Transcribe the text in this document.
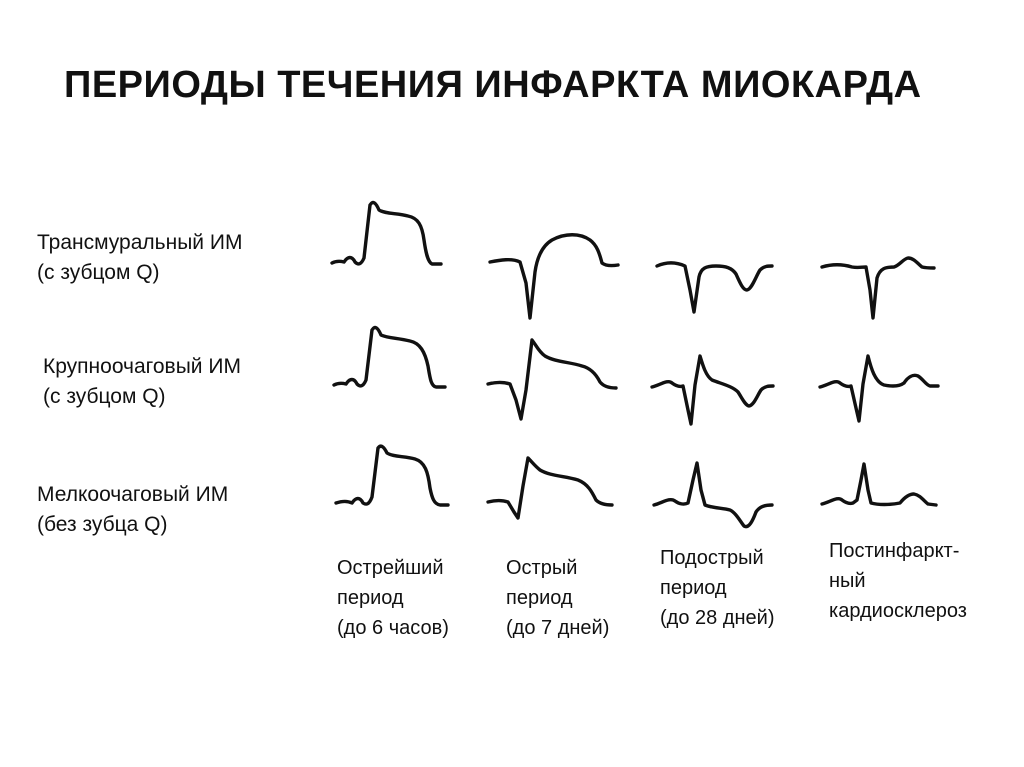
ПЕРИОДЫ ТЕЧЕНИЯ ИНФАРКТА МИОКАРДА
Трансмуральный ИМ
(с зубцом Q)
Крупноочаговый ИМ
(с зубцом Q)
Мелкоочаговый ИМ
(без зубца Q)
Острейший
период
(до 6 часов)
Острый
период
(до 7 дней)
Подострый
период
(до 28 дней)
Постинфаркт-
ный
кардиосклероз
